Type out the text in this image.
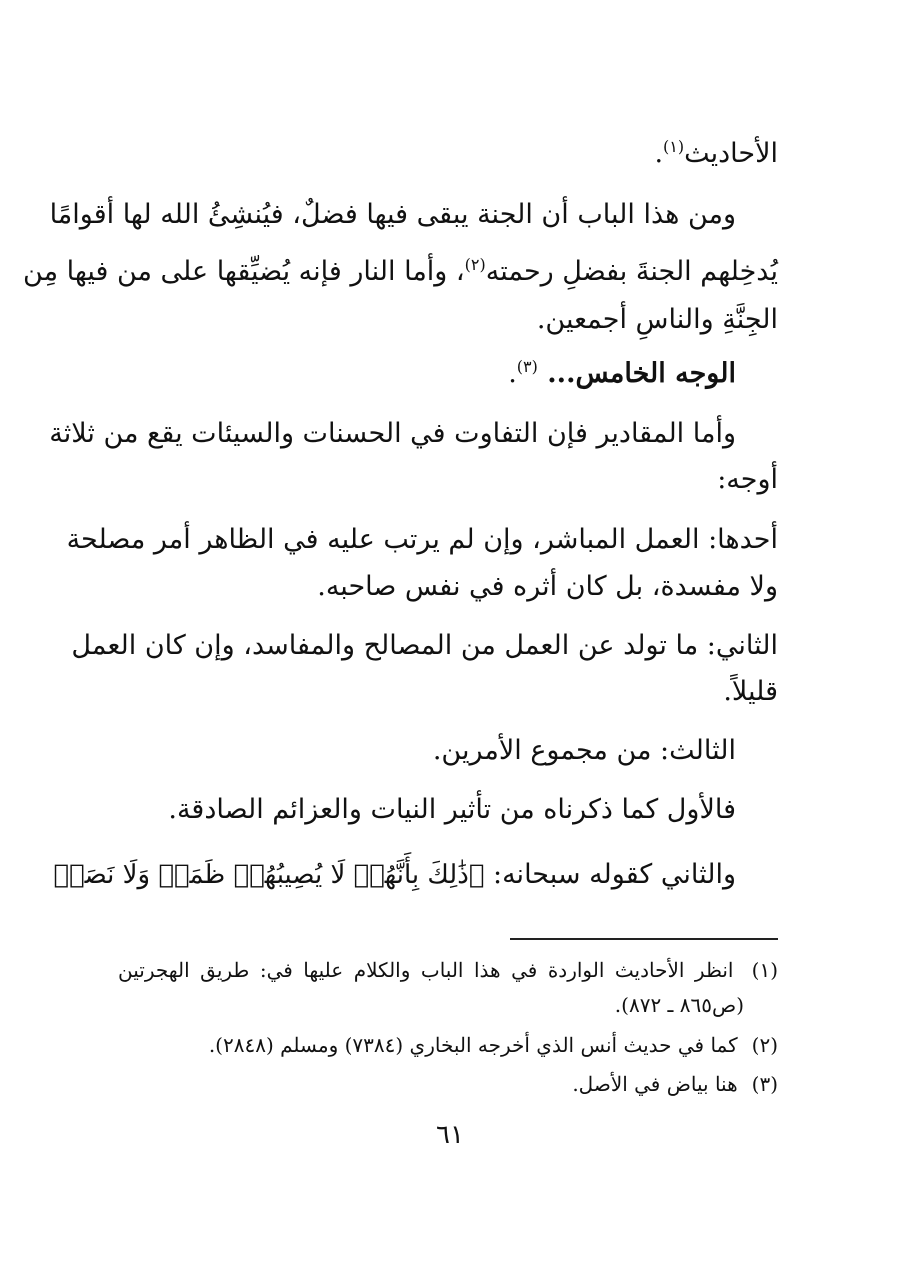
الأحاديث$^{(١)}$.
ومن هذا الباب أن الجنة يبقى فيها فضلٌ، فيُنشِئُ الله لها أقوامًا
يُدخِلهم الجنةَ بفضلِ رحمته$^{(٢)}$، وأما النار فإنه يُضيِّقها على من فيها مِن
الجِنَّةِ والناسِ أجمعين.
الوجه الخامس... $^{(٣)}$.
وأما المقادير فإن التفاوت في الحسنات والسيئات يقع من ثلاثة
أوجه:
أحدها: العمل المباشر، وإن لم يرتب عليه في الظاهر أمر مصلحة
ولا مفسدة، بل كان أثره في نفس صاحبه.
الثاني: ما تولد عن العمل من المصالح والمفاسد، وإن كان العمل
قليلاً.
الثالث: من مجموع الأمرين.
فالأول كما ذكرناه من تأثير النيات والعزائم الصادقة.
والثاني كقوله سبحانه: ﴿ذَٰلِكَ بِأَنَّهُمۡ لَا يُصِيبُهُمۡ ظَمَأٞ وَلَا نَصَبٞ
(١) انظر الأحاديث الواردة في هذا الباب والكلام عليها في: طريق الهجرتين
(ص٨٦٥ ـ ٨٧٢).
(٢) كما في حديث أنس الذي أخرجه البخاري (٧٣٨٤) ومسلم (٢٨٤٨).
(٣) هنا بياض في الأصل.
٦١
